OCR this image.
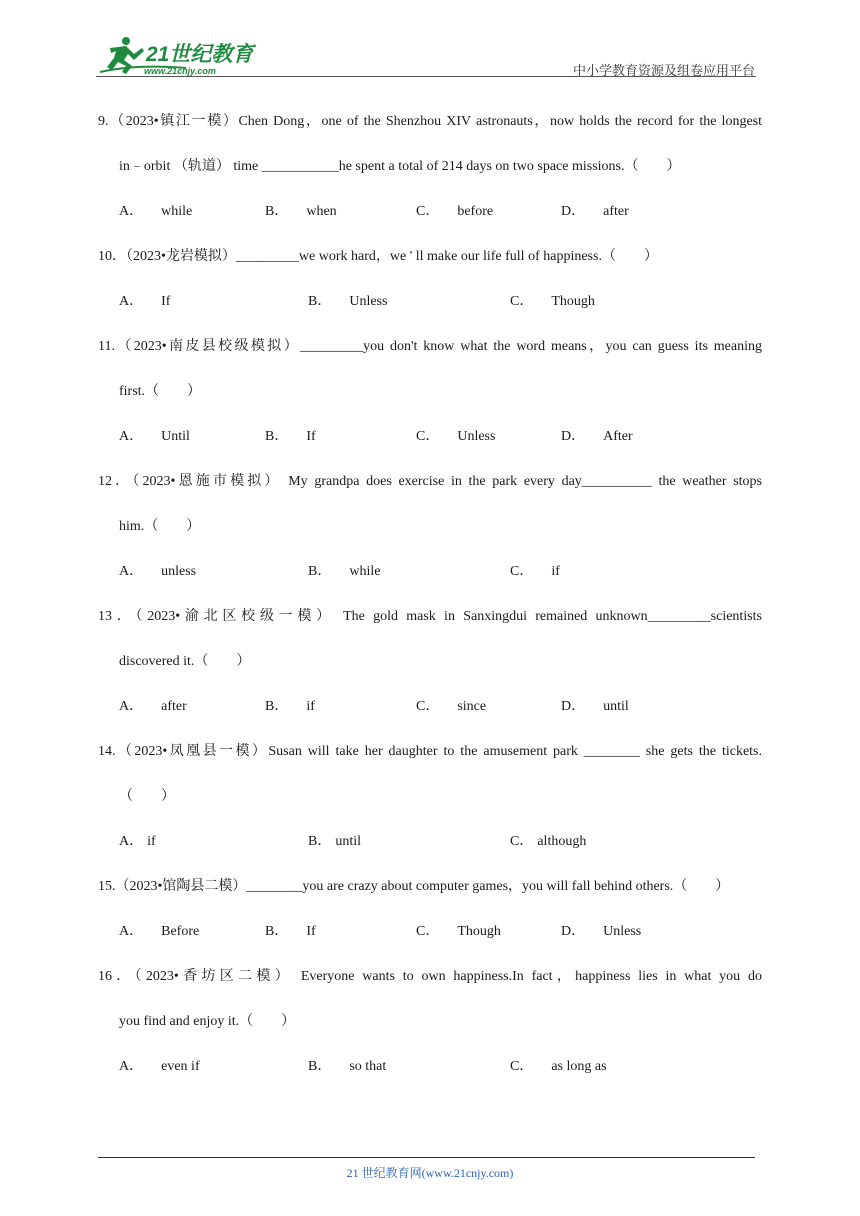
21世纪教育
www.21cnjy.com	中小学教育资源及组卷应用平台
9.（2023•镇江一模）Chen Dong，one of the Shenzhou XIV astronauts，now holds the record for the longest
in﹣orbit （轨道） time ___________he spent a total of 214 days on two space missions.（　　）
A． while	B． when	C． before	D． after
10．（2023•龙岩模拟）_________we work hard，we ' ll make our life full of happiness.（　　）
A． If	B． Unless	C． Though
11.（2023•南皮县校级模拟）_________you don't know what the word means，you can guess its meaning
first.（　　）
A． Until	B． If	C． Unless	D． After
12．（2023•恩施市模拟） My grandpa does exercise in the park every day__________ the weather stops
him.（　　）
A． unless	B． while	C． if
13．（2023•渝北区校级一模） The gold mask in Sanxingdui remained unknown_________scientists
discovered it.（　　）
A． after	B． if	C． since	D． until
14.（2023•凤凰县一模）Susan will take her daughter to the amusement park ________ she gets the tickets.
（　　）
A． if	B． until	C． although
15.（2023•馆陶县二模）________you are crazy about computer games，you will fall behind others.（　　）
A． Before	B． If	C． Though	D． Unless
16．（2023•香坊区二模） Everyone wants to own happiness.In fact，happiness lies in what you do
you find and enjoy it.（　　）
A． even if	B． so that	C． as long as
21 世纪教育网(www.21cnjy.com)
